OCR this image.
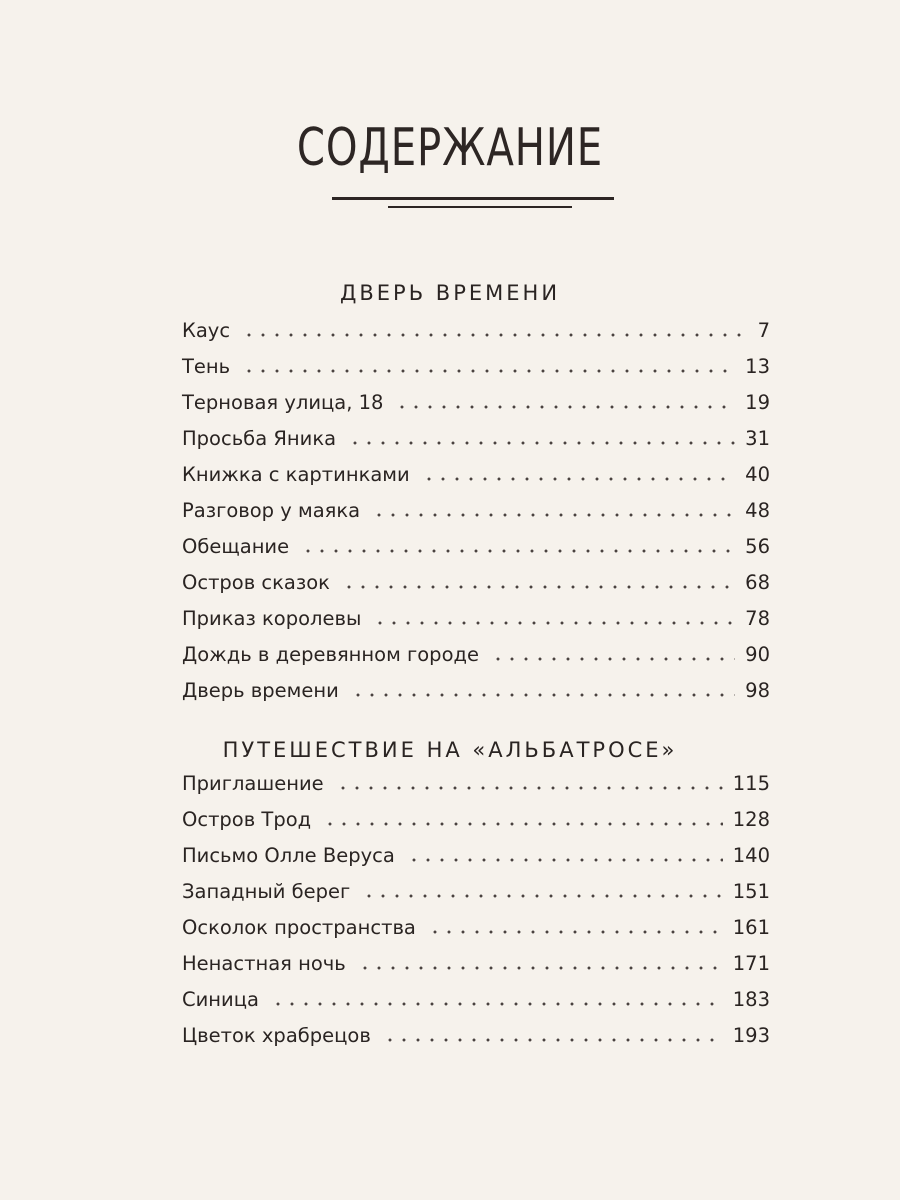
СОДЕРЖАНИЕ
ДВЕРЬ ВРЕМЕНИ
Каус	7
Тень	13
Терновая улица, 18	19
Просьба Яника	31
Книжка с картинками	40
Разговор у маяка	48
Обещание	56
Остров сказок	68
Приказ королевы	78
Дождь в деревянном городе	90
Дверь времени	98
ПУТЕШЕСТВИЕ НА «АЛЬБАТРОСЕ»
Приглашение	115
Остров Трод	128
Письмо Олле Веруса	140
Западный берег	151
Осколок пространства	161
Ненастная ночь	171
Синица	183
Цветок храбрецов	193
